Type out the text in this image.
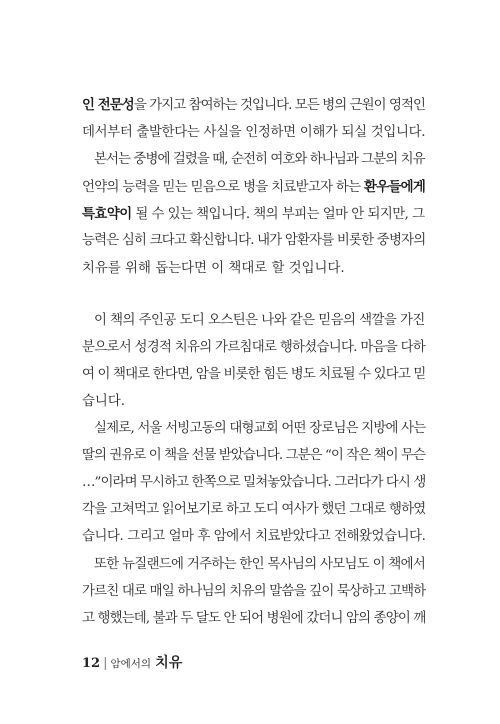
인 전문성을 가지고 참여하는 것입니다. 모든 병의 근원이 영적인
데서부터 출발한다는 사실을 인정하면 이해가 되실 것입니다.
본서는 중병에 걸렸을 때, 순전히 여호와 하나님과 그분의 치유
언약의 능력을 믿는 믿음으로 병을 치료받고자 하는 환우들에게
특효약이 될 수 있는 책입니다. 책의 부피는 얼마 안 되지만, 그
능력은 심히 크다고 확신합니다. 내가 암환자를 비롯한 중병자의
치유를 위해 돕는다면 이 책대로 할 것입니다.
이 책의 주인공 도디 오스틴은 나와 같은 믿음의 색깔을 가진
분으로서 성경적 치유의 가르침대로 행하셨습니다. 마음을 다하
여 이 책대로 한다면, 암을 비롯한 힘든 병도 치료될 수 있다고 믿
습니다.
실제로, 서울 서빙고동의 대형교회 어떤 장로님은 지방에 사는
딸의 권유로 이 책을 선물 받았습니다. 그분은 “이 작은 책이 무슨
…”이라며 무시하고 한쪽으로 밀쳐놓았습니다. 그러다가 다시 생
각을 고쳐먹고 읽어보기로 하고 도디 여사가 했던 그대로 행하였
습니다. 그리고 얼마 후 암에서 치료받았다고 전해왔었습니다.
또한 뉴질랜드에 거주하는 한인 목사님의 사모님도 이 책에서
가르친 대로 매일 하나님의 치유의 말씀을 깊이 묵상하고 고백하
고 행했는데, 불과 두 달도 안 되어 병원에 갔더니 암의 종양이 깨
12 | 암에서의 치유
